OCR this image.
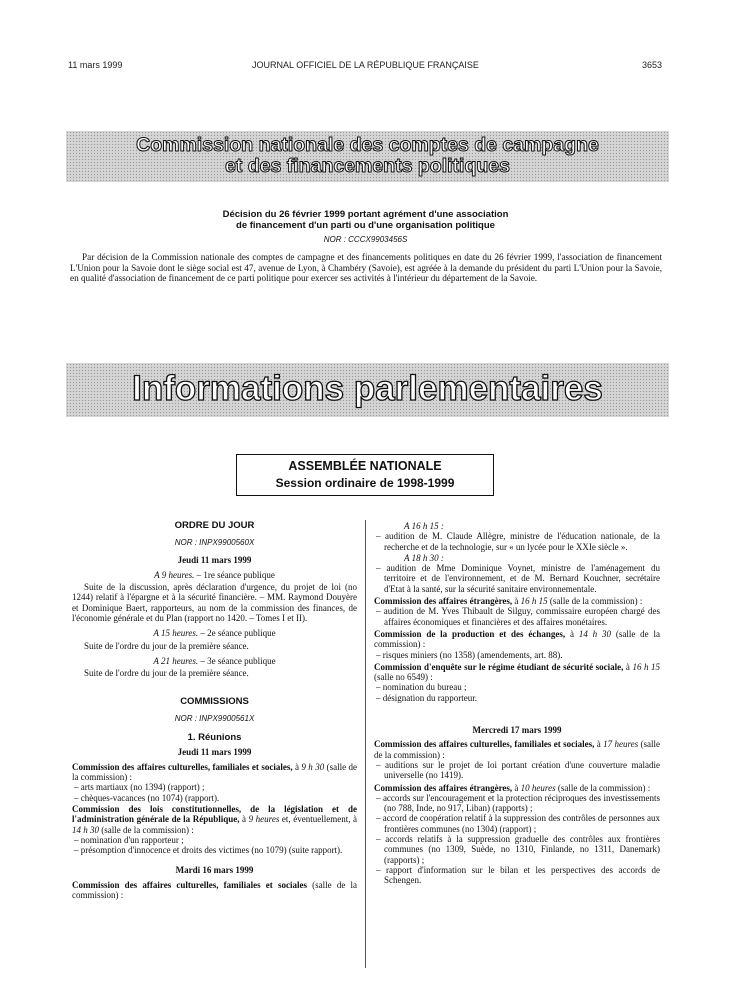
11 mars 1999	JOURNAL OFFICIEL DE LA RÉPUBLIQUE FRANÇAISE	3653
Commission nationale des comptes de campagne
et des financements politiques
Décision du 26 février 1999 portant agrément d'une association
de financement d'un parti ou d'une organisation politique
NOR : CCCX9903456S

Par décision de la Commission nationale des comptes de campagne et des financements politiques en date du 26 février 1999, l'association de financement L'Union pour la Savoie dont le siège social est 47, avenue de Lyon, à Chambéry (Savoie), est agréée à la demande du président du parti L'Union pour la Savoie, en qualité d'association de financement de ce parti politique pour exercer ses activités à l'intérieur du département de la Savoie.

Informations parlementaires
ASSEMBLÉE NATIONALE
Session ordinaire de 1998-1999

ORDRE DU JOUR

NOR : INPX9900560X

Jeudi 11 mars 1999

A 9 heures. – 1re séance publique

Suite de la discussion, après déclaration d'urgence, du projet de loi (no 1244) relatif à l'épargne et à la sécurité financière. – MM. Raymond Douyère et Dominique Baert, rapporteurs, au nom de la commission des finances, de l'économie générale et du Plan (rapport no 1420. – Tomes I et II).

A 15 heures. – 2e séance publique

Suite de l'ordre du jour de la première séance.

A 21 heures. – 3e séance publique

Suite de l'ordre du jour de la première séance.

COMMISSIONS

NOR : INPX9900561X

1. Réunions

Jeudi 11 mars 1999

Commission des affaires culturelles, familiales et sociales, à 9 h 30 (salle de la commission) :

– arts martiaux (no 1394) (rapport) ;

– chèques-vacances (no 1074) (rapport).

Commission des lois constitutionnelles, de la législation et de l'administration générale de la République, à 9 heures et, éventuellement, à 14 h 30 (salle de la commission) :

– nomination d'un rapporteur ;

– présomption d'innocence et droits des victimes (no 1079) (suite rapport).

Mardi 16 mars 1999

Commission des affaires culturelles, familiales et sociales (salle de la commission) :

A 16 h 15 :

– audition de M. Claude Allègre, ministre de l'éducation nationale, de la recherche et de la technologie, sur « un lycée pour le XXIe siècle ».

A 18 h 30 :

– audition de Mme Dominique Voynet, ministre de l'aménagement du territoire et de l'environnement, et de M. Bernard Kouchner, secrétaire d'Etat à la santé, sur la sécurité sanitaire environnementale.

Commission des affaires étrangères, à 16 h 15 (salle de la commission) :

– audition de M. Yves Thibault de Silguy, commissaire européen chargé des affaires économiques et financières et des affaires monétaires.

Commission de la production et des échanges, à 14 h 30 (salle de la commission) :

– risques miniers (no 1358) (amendements, art. 88).

Commission d'enquête sur le régime étudiant de sécurité sociale, à 16 h 15 (salle no 6549) :

– nomination du bureau ;

– désignation du rapporteur.

Mercredi 17 mars 1999

Commission des affaires culturelles, familiales et sociales, à 17 heures (salle de la commission) :

– auditions sur le projet de loi portant création d'une couverture maladie universelle (no 1419).

Commission des affaires étrangères, à 10 heures (salle de la commission) :

– accords sur l'encouragement et la protection réciproques des investissements (no 788, Inde, no 917, Liban) (rapports) ;

– accord de coopération relatif à la suppression des contrôles de personnes aux frontières communes (no 1304) (rapport) ;

– accords relatifs à la suppression graduelle des contrôles aux frontières communes (no 1309, Suède, no 1310, Finlande, no 1311, Danemark) (rapports) ;

– rapport d'information sur le bilan et les perspectives des accords de Schengen.
